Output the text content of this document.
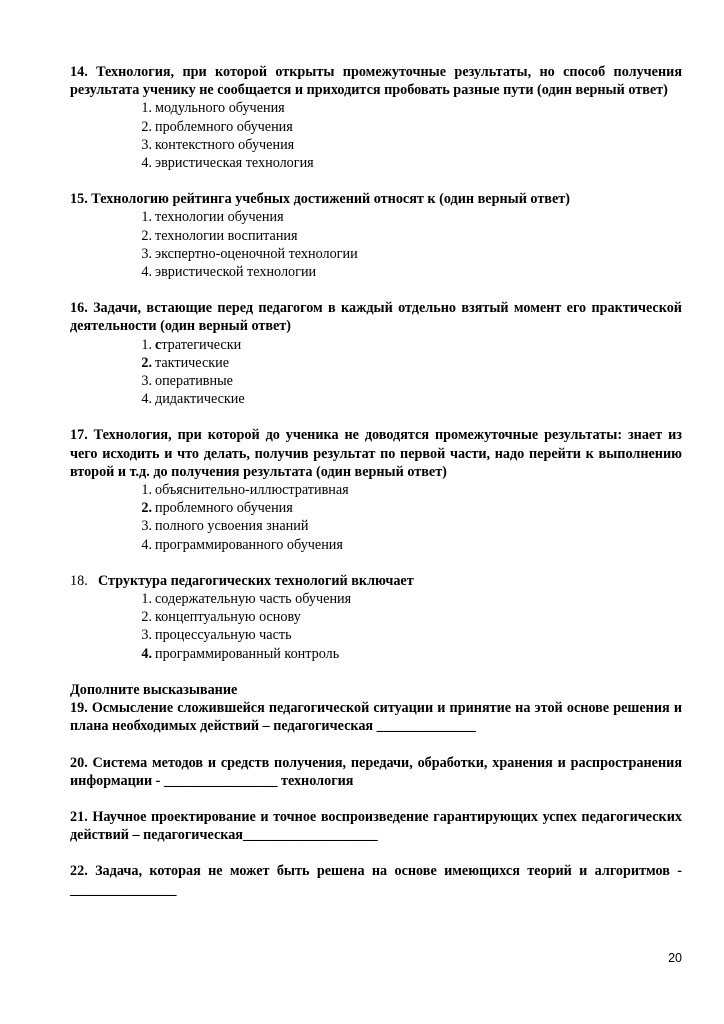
14. Технология, при которой открыты промежуточные результаты, но способ получения результата ученику не сообщается и приходится пробовать разные пути (один верный ответ)

1. модульного обучения
2. проблемного обучения
3. контекстного обучения
4. эвристическая технология

15. Технологию рейтинга учебных достижений относят к (один верный ответ)

1. технологии обучения
2. технологии воспитания
3. экспертно-оценочной технологии
4. эвристической технологии

16. Задачи, встающие перед педагогом в каждый отдельно взятый момент его практической деятельности (один верный ответ)

1. стратегически
2. тактические
3. оперативные
4. дидактические

17. Технология, при которой до ученика не доводятся промежуточные результаты: знает из чего исходить и что делать, получив результат по первой части, надо перейти к выполнению второй и т.д. до получения результата (один верный ответ)

1. объяснительно-иллюстративная
2. проблемного обучения
3. полного усвоения знаний
4. программированного обучения

18. Структура педагогических технологий включает

1. содержательную часть обучения
2. концептуальную основу
3. процессуальную часть
4. программированный контроль

Дополните высказывание

19. Осмысление сложившейся педагогической ситуации и принятие на этой основе решения и плана необходимых действий – педагогическая ______________

20. Система методов и средств получения, передачи, обработки, хранения и распространения информации - ________________ технология

21. Научное проектирование и точное воспроизведение гарантирующих успех педагогических действий – педагогическая___________________

22. Задача, которая не может быть решена на основе имеющихся теорий и алгоритмов -_______________

20
